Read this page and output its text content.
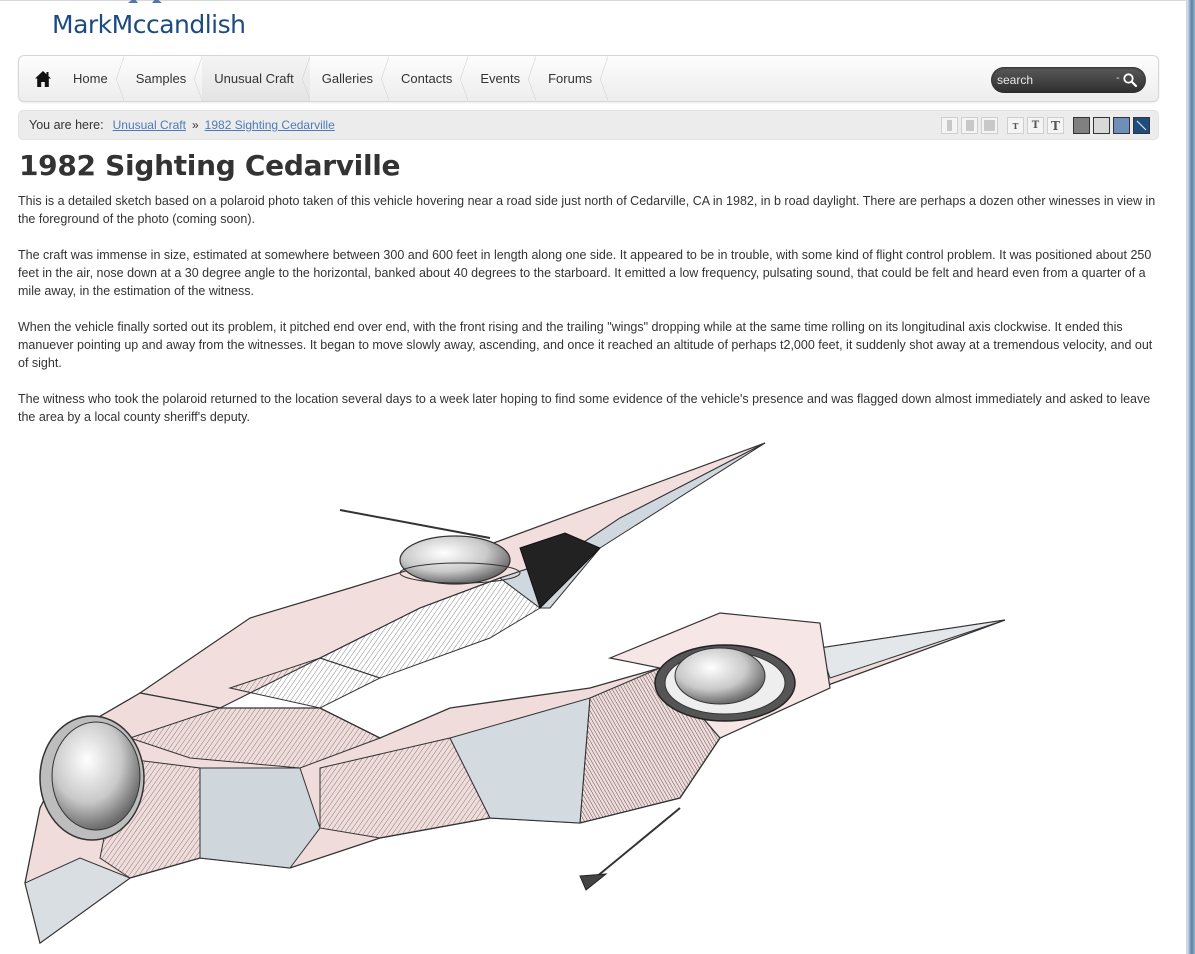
MarkMccandlish
Home Samples Unusual Craft Galleries Contacts Events Forums
search	-
You are here: Unusual Craft » 1982 Sighting Cedarville	T T T
1982 Sighting Cedarville

This is a detailed sketch based on a polaroid photo taken of this vehicle hovering near a road side just north of Cedarville, CA in 1982, in b road daylight. There are perhaps a dozen other winesses in view in the foreground of the photo (coming soon).

The craft was immense in size, estimated at somewhere between 300 and 600 feet in length along one side. It appeared to be in trouble, with some kind of flight control problem. It was positioned about 250 feet in the air, nose down at a 30 degree angle to the horizontal, banked about 40 degrees to the starboard. It emitted a low frequency, pulsating sound, that could be felt and heard even from a quarter of a mile away, in the estimation of the witness.

When the vehicle finally sorted out its problem, it pitched end over end, with the front rising and the trailing "wings" dropping while at the same time rolling on its longitudinal axis clockwise. It ended this manuever pointing up and away from the witnesses. It began to move slowly away, ascending, and once it reached an altitude of perhaps t2,000 feet, it suddenly shot away at a tremendous velocity, and out of sight.

The witness who took the polaroid returned to the location several days to a week later hoping to find some evidence of the vehicle's presence and was flagged down almost immediately and asked to leave the area by a local county sheriff's deputy.
